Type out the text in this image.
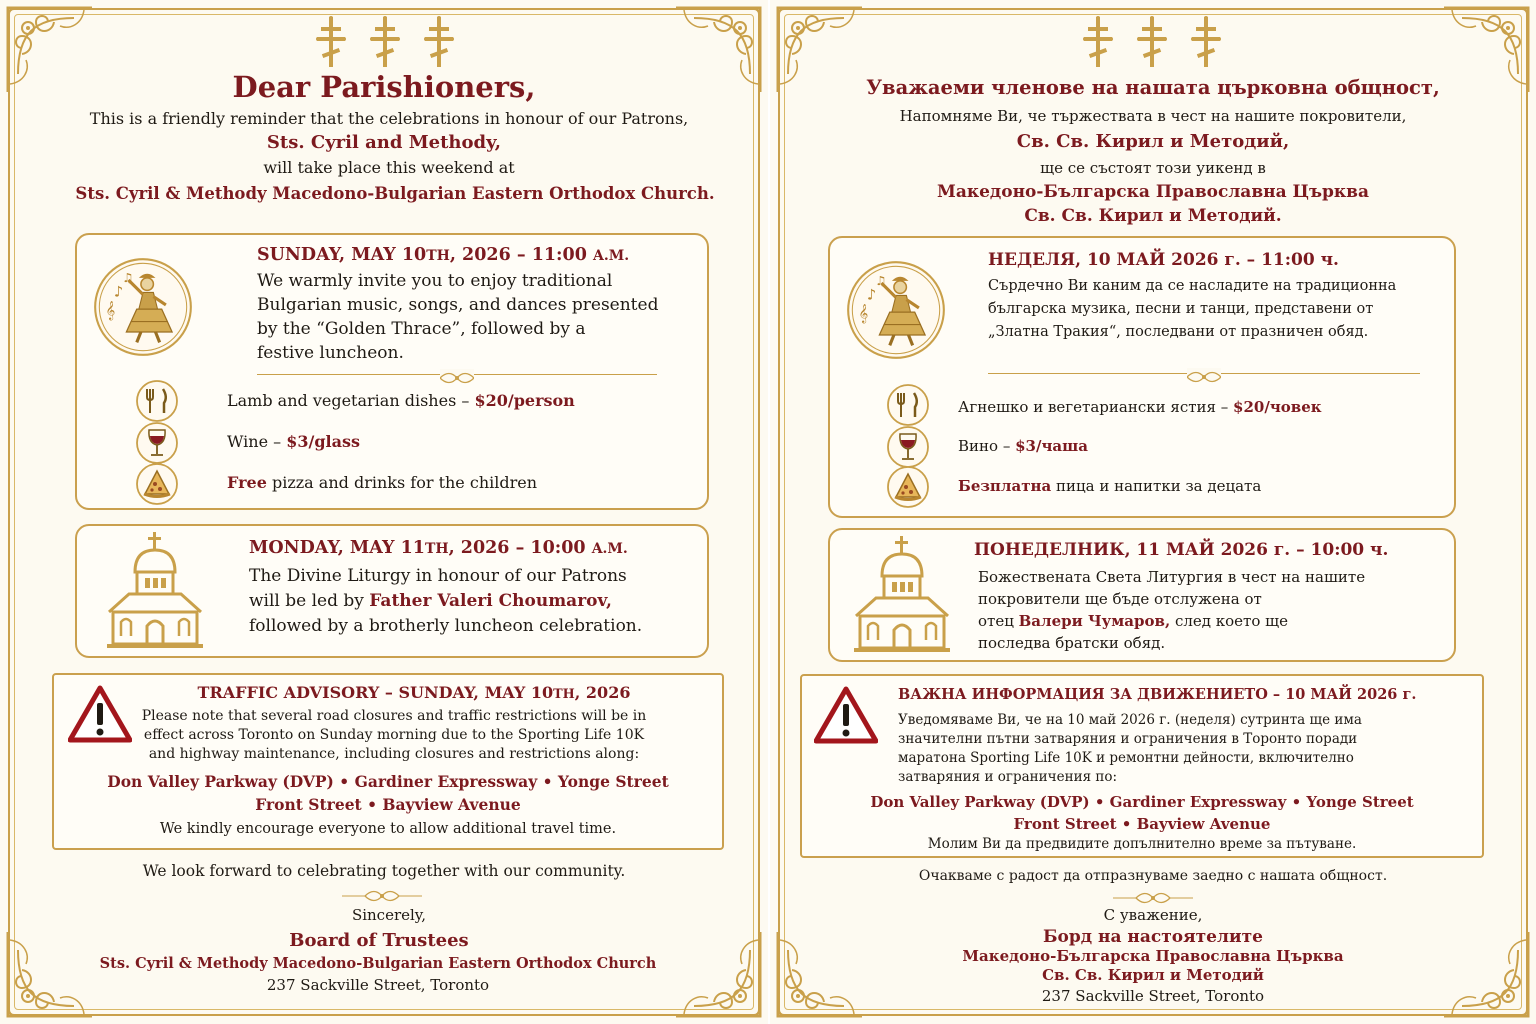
Dear Parishioners,
This is a friendly reminder that the celebrations in honour of our Patrons,
Sts. Cyril and Methody,
will take place this weekend at
Sts. Cyril & Methody Macedono-Bulgarian Eastern Orthodox Church.
SUNDAY, MAY 10TH, 2026 – 11:00 A.M.
We warmly invite you to enjoy traditional
Bulgarian music, songs, and dances presented
by the “Golden Thrace”, followed by a
festive luncheon.
Lamb and vegetarian dishes – $20/person
Wine – $3/glass
Free pizza and drinks for the children
MONDAY, MAY 11TH, 2026 – 10:00 A.M.
The Divine Liturgy in honour of our Patrons
will be led by Father Valeri Choumarov,
followed by a brotherly luncheon celebration.
TRAFFIC ADVISORY – SUNDAY, MAY 10TH, 2026
Please note that several road closures and traffic restrictions will be in
effect across Toronto on Sunday morning due to the Sporting Life 10K
and highway maintenance, including closures and restrictions along:
Don Valley Parkway (DVP) • Gardiner Expressway • Yonge Street
Front Street • Bayview Avenue
We kindly encourage everyone to allow additional travel time.
We look forward to celebrating together with our community.
Sincerely,
Board of Trustees
Sts. Cyril & Methody Macedono-Bulgarian Eastern Orthodox Church
237 Sackville Street, Toronto
Уважаеми членове на нашата църковна общност,
Напомняме Ви, че тържествата в чест на нашите покровители,
Св. Св. Кирил и Методий,
ще се състоят този уикенд в
Македоно-Българска Православна Църква
Св. Св. Кирил и Методий.
НЕДЕЛЯ, 10 МАЙ 2026 г. – 11:00 ч.
Сърдечно Ви каним да се насладите на традиционна
българска музика, песни и танци, представени от
„Златна Тракия“, последвани от празничен обяд.
Агнешко и вегетариански ястия – $20/човек
Вино – $3/чаша
Безплатна пица и напитки за децата
ПОНЕДЕЛНИК, 11 МАЙ 2026 г. – 10:00 ч.
Божествената Света Литургия в чест на нашите
покровители ще бъде отслужена от
отец Валери Чумаров, след което ще
последва братски обяд.
ВАЖНА ИНФОРМАЦИЯ ЗА ДВИЖЕНИЕТО – 10 МАЙ 2026 г.
Уведомяваме Ви, че на 10 май 2026 г. (неделя) сутринта ще има
значителни пътни затваряния и ограничения в Торонто поради
маратона Sporting Life 10K и ремонтни дейности, включително
затваряния и ограничения по:
Don Valley Parkway (DVP) • Gardiner Expressway • Yonge Street
Front Street • Bayview Avenue
Молим Ви да предвидите допълнително време за пътуване.
Очакваме с радост да отпразнуваме заедно с нашата общност.
С уважение,
Борд на настоятелите
Македоно-Българска Православна Църква
Св. Св. Кирил и Методий
237 Sackville Street, Toronto
